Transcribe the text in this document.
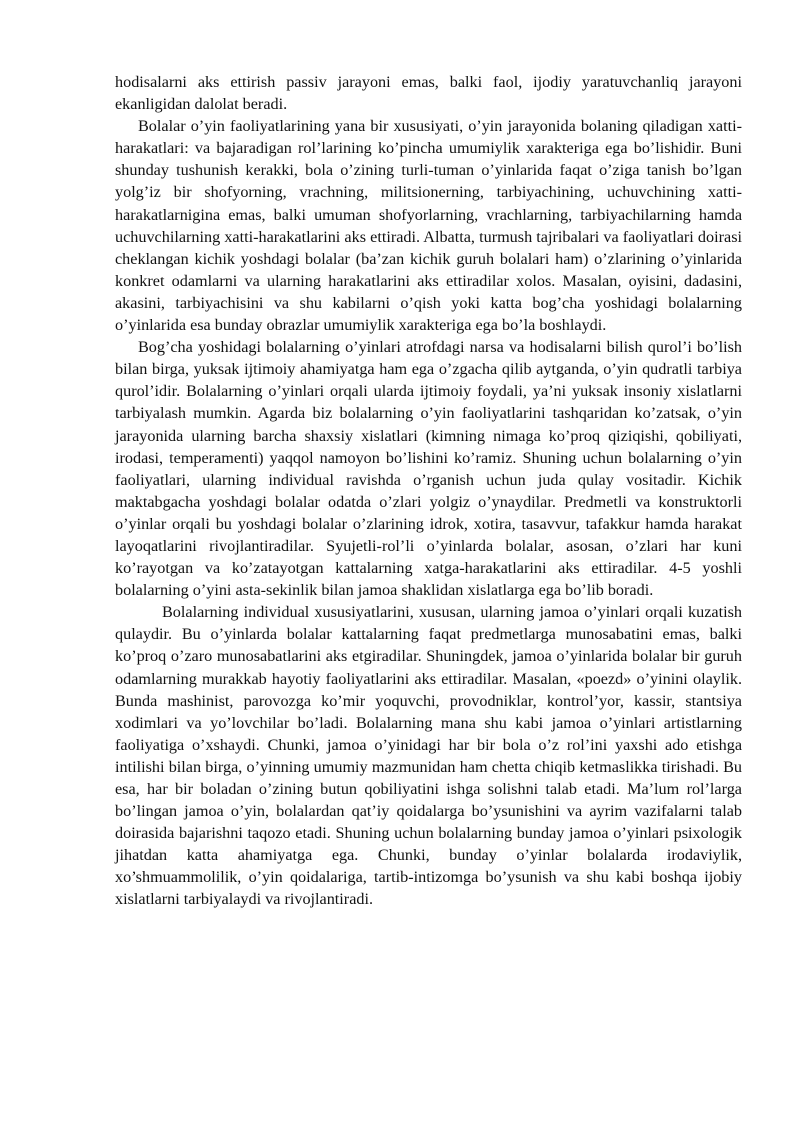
hodisalarni aks ettirish passiv jarayoni emas, balki faol, ijodiy yaratuvchanliq jarayoni ekanligidan dalolat beradi.

Bolalar o’yin faoliyatlarining yana bir xususiyati, o’yin jarayonida bolaning qiladigan xatti-harakatlari: va bajaradigan rol’larining ko’pincha umumiylik xarakteriga ega bo’lishidir. Buni shunday tushunish kerakki, bola o’zining turli-tuman o’yinlarida faqat o’ziga tanish bo’lgan yolg’iz bir shofyorning, vrachning, militsionerning, tarbiyachining, uchuvchining xatti-harakatlarnigina emas, balki umuman shofyorlarning, vrachlarning, tarbiyachilarning hamda uchuvchilarning xatti-harakatlarini aks ettiradi. Albatta, turmush tajribalari va faoliyatlari doirasi cheklangan kichik yoshdagi bolalar (ba’zan kichik guruh bolalari ham) o’zlarining o’yinlarida konkret odamlarni va ularning harakatlarini aks ettiradilar xolos. Masalan, oyisini, dadasini, akasini, tarbiyachisini va shu kabilarni o’qish yoki katta bog’cha yoshidagi bolalarning o’yinlarida esa bunday obrazlar umumiylik xarakteriga ega bo’la boshlaydi.

Bog’cha yoshidagi bolalarning o’yinlari atrofdagi narsa va hodisalarni bilish qurol’i bo’lish bilan birga, yuksak ijtimoiy ahamiyatga ham ega o’zgacha qilib aytganda, o’yin qudratli tarbiya qurol’idir. Bolalarning o’yinlari orqali ularda ijtimoiy foydali, ya’ni yuksak insoniy xislatlarni tarbiyalash mumkin. Agarda biz bolalarning o’yin faoliyatlarini tashqaridan ko’zatsak, o’yin jarayonida ularning barcha shaxsiy xislatlari (kimning nimaga ko’proq qiziqishi, qobiliyati, irodasi, temperamenti) yaqqol namoyon bo’lishini ko’ramiz. Shuning uchun bolalarning o’yin faoliyatlari, ularning individual ravishda o’rganish uchun juda qulay vositadir. Kichik maktabgacha yoshdagi bolalar odatda o’zlari yolgiz o’ynaydilar. Predmetli va konstruktorli o’yinlar orqali bu yoshdagi bolalar o’zlarining idrok, xotira, tasavvur, tafakkur hamda harakat layoqatlarini rivojlantiradilar. Syujetli-rol’li o’yinlarda bolalar, asosan, o’zlari har kuni ko’rayotgan va ko’zatayotgan kattalarning xatga-harakatlarini aks ettiradilar. 4-5 yoshli bolalarning o’yini asta-sekinlik bilan jamoa shaklidan xislatlarga ega bo’lib boradi.

Bolalarning individual xususiyatlarini, xususan, ularning jamoa o’yinlari orqali kuzatish qulaydir. Bu o’yinlarda bolalar kattalarning faqat predmetlarga munosabatini emas, balki ko’proq o’zaro munosabatlarini aks etgiradilar. Shuningdek, jamoa o’yinlarida bolalar bir guruh odamlarning murakkab hayotiy faoliyatlarini aks ettiradilar. Masalan, «poezd» o’yinini olaylik. Bunda mashinist, parovozga ko’mir yoquvchi, provodniklar, kontrol’yor, kassir, stantsiya xodimlari va yo’lovchilar bo’ladi. Bolalarning mana shu kabi jamoa o’yinlari artistlarning faoliyatiga o’xshaydi. Chunki, jamoa o’yinidagi har bir bola o’z rol’ini yaxshi ado etishga intilishi bilan birga, o’yinning umumiy mazmunidan ham chetta chiqib ketmaslikka tirishadi. Bu esa, har bir boladan o’zining butun qobiliyatini ishga solishni talab etadi. Ma’lum rol’larga bo’lingan jamoa o’yin, bolalardan qat’iy qoidalarga bo’ysunishini va ayrim vazifalarni talab doirasida bajarishni taqozo etadi. Shuning uchun bolalarning bunday jamoa o’yinlari psixologik jihatdan katta ahamiyatga ega. Chunki, bunday o’yinlar bolalarda irodaviylik, xo’shmuammolilik, o’yin qoidalariga, tartib-intizomga bo’ysunish va shu kabi boshqa ijobiy xislatlarni tarbiyalaydi va rivojlantiradi.
